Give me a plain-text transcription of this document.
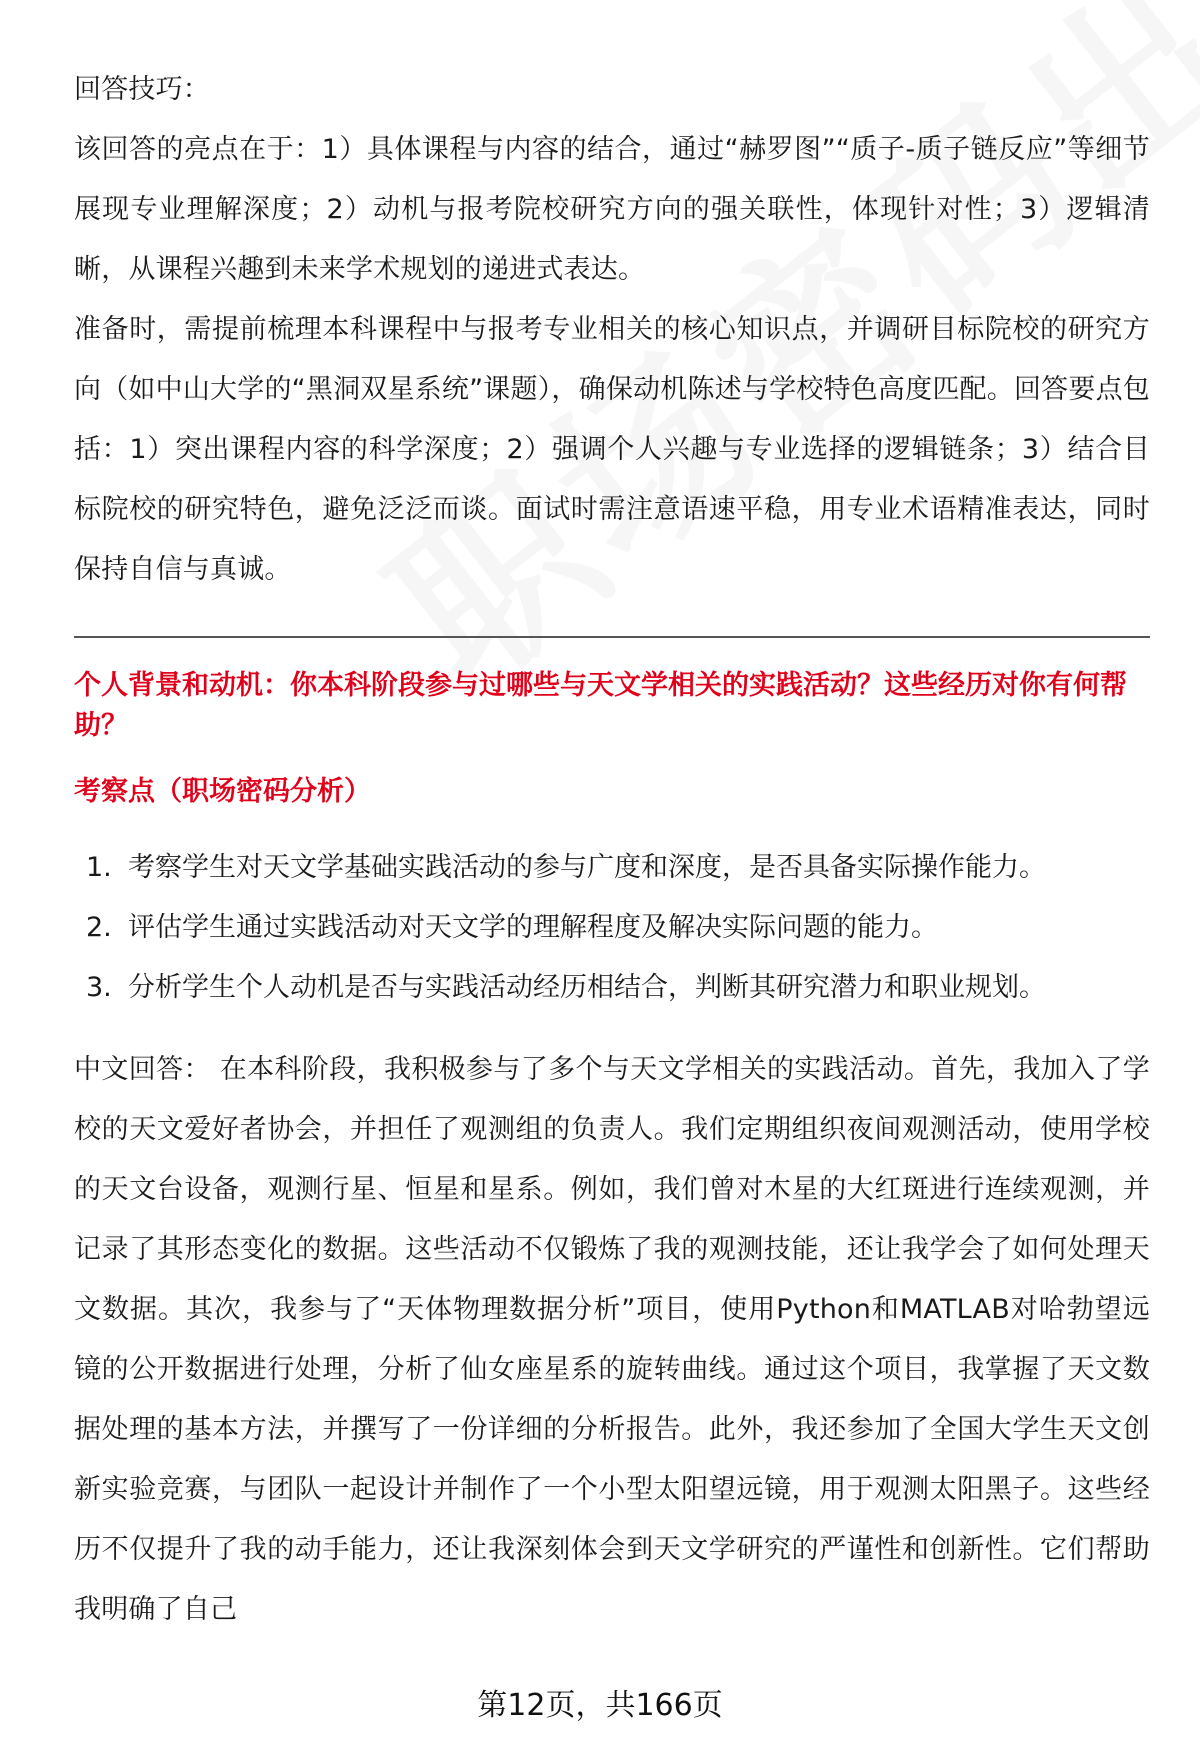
回答技巧：

该回答的亮点在于：1）具体课程与内容的结合，通过“赫罗图”“质子-质子链反应”等细节展现专业理解深度；2）动机与报考院校研究方向的强关联性，体现针对性；3）逻辑清晰，从课程兴趣到未来学术规划的递进式表达。

准备时，需提前梳理本科课程中与报考专业相关的核心知识点，并调研目标院校的研究方向（如中山大学的“黑洞双星系统”课题），确保动机陈述与学校特色高度匹配。回答要点包括：1）突出课程内容的科学深度；2）强调个人兴趣与专业选择的逻辑链条；3）结合目标院校的研究特色，避免泛泛而谈。面试时需注意语速平稳，用专业术语精准表达，同时保持自信与真诚。

个人背景和动机：你本科阶段参与过哪些与天文学相关的实践活动？这些经历对你有何帮助？

考察点（职场密码分析）

1. 考察学生对天文学基础实践活动的参与广度和深度，是否具备实际操作能力。
2. 评估学生通过实践活动对天文学的理解程度及解决实际问题的能力。
3. 分析学生个人动机是否与实践活动经历相结合，判断其研究潜力和职业规划。

中文回答： 在本科阶段，我积极参与了多个与天文学相关的实践活动。首先，我加入了学校的天文爱好者协会，并担任了观测组的负责人。我们定期组织夜间观测活动，使用学校的天文台设备，观测行星、恒星和星系。例如，我们曾对木星的大红斑进行连续观测，并记录了其形态变化的数据。这些活动不仅锻炼了我的观测技能，还让我学会了如何处理天文数据。其次，我参与了“天体物理数据分析”项目，使用Python和MATLAB对哈勃望远镜的公开数据进行处理，分析了仙女座星系的旋转曲线。通过这个项目，我掌握了天文数据处理的基本方法，并撰写了一份详细的分析报告。此外，我还参加了全国大学生天文创新实验竞赛，与团队一起设计并制作了一个小型太阳望远镜，用于观测太阳黑子。这些经历不仅提升了我的动手能力，还让我深刻体会到天文学研究的严谨性和创新性。它们帮助我明确了自己

第12页，共166页
